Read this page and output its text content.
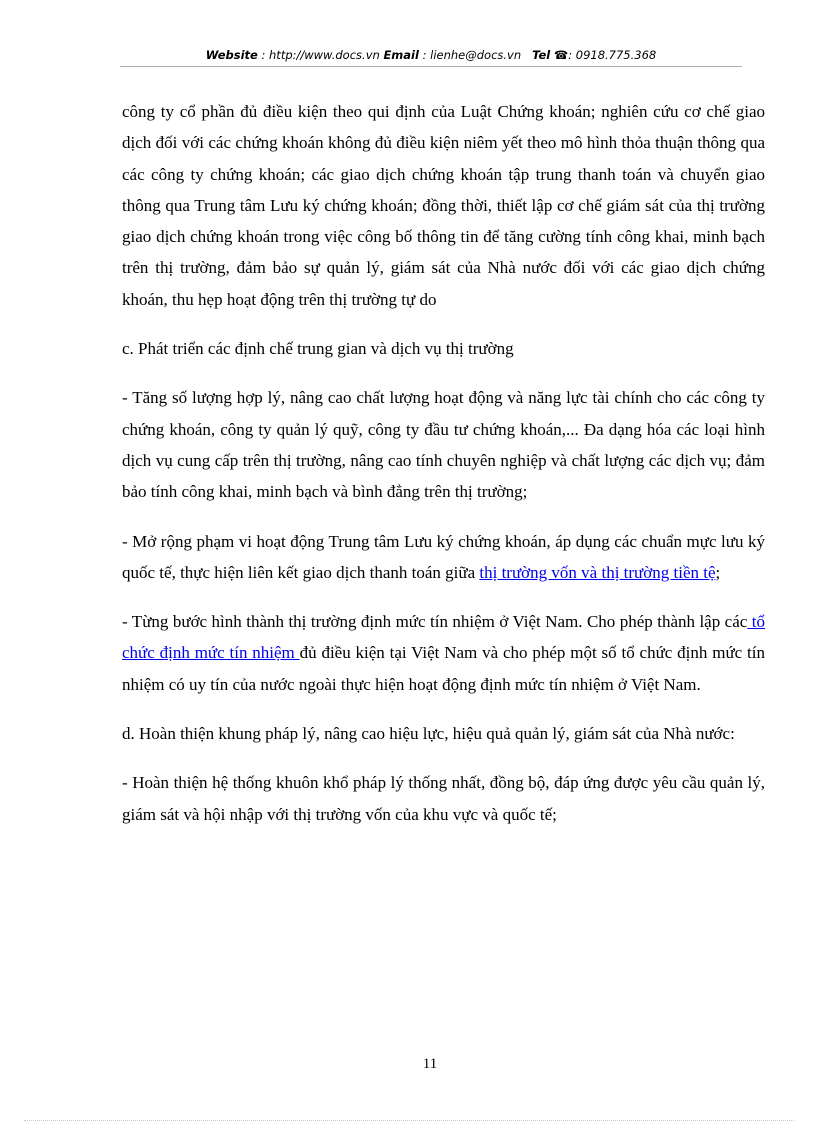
Website : http://www.docs.vn Email : lienhe@docs.vn Tel ☎: 0918.775.368

công ty cổ phần đủ điều kiện theo qui định của Luật Chứng khoán; nghiên cứu cơ chế giao dịch đối với các chứng khoán không đủ điều kiện niêm yết theo mô hình thỏa thuận thông qua các công ty chứng khoán; các giao dịch chứng khoán tập trung thanh toán và chuyển giao thông qua Trung tâm Lưu ký chứng khoán; đồng thời, thiết lập cơ chế giám sát của thị trường giao dịch chứng khoán trong việc công bố thông tin để tăng cường tính công khai, minh bạch trên thị trường, đảm bảo sự quản lý, giám sát của Nhà nước đối với các giao dịch chứng khoán, thu hẹp hoạt động trên thị trường tự do

c. Phát triển các định chế trung gian và dịch vụ thị trường

- Tăng số lượng hợp lý, nâng cao chất lượng hoạt động và năng lực tài chính cho các công ty chứng khoán, công ty quản lý quỹ, công ty đầu tư chứng khoán,... Đa dạng hóa các loại hình dịch vụ cung cấp trên thị trường, nâng cao tính chuyên nghiệp và chất lượng các dịch vụ; đảm bảo tính công khai, minh bạch và bình đẳng trên thị trường;

- Mở rộng phạm vi hoạt động Trung tâm Lưu ký chứng khoán, áp dụng các chuẩn mực lưu ký quốc tế, thực hiện liên kết giao dịch thanh toán giữa thị trường vốn và thị trường tiền tệ;

- Từng bước hình thành thị trường định mức tín nhiệm ở Việt Nam. Cho phép thành lập các tổ chức định mức tín nhiệm đủ điều kiện tại Việt Nam và cho phép một số tổ chức định mức tín nhiệm có uy tín của nước ngoài thực hiện hoạt động định mức tín nhiệm ở Việt Nam.

d. Hoàn thiện khung pháp lý, nâng cao hiệu lực, hiệu quả quản lý, giám sát của Nhà nước:

- Hoàn thiện hệ thống khuôn khổ pháp lý thống nhất, đồng bộ, đáp ứng được yêu cầu quản lý, giám sát và hội nhập với thị trường vốn của khu vực và quốc tế;

11
